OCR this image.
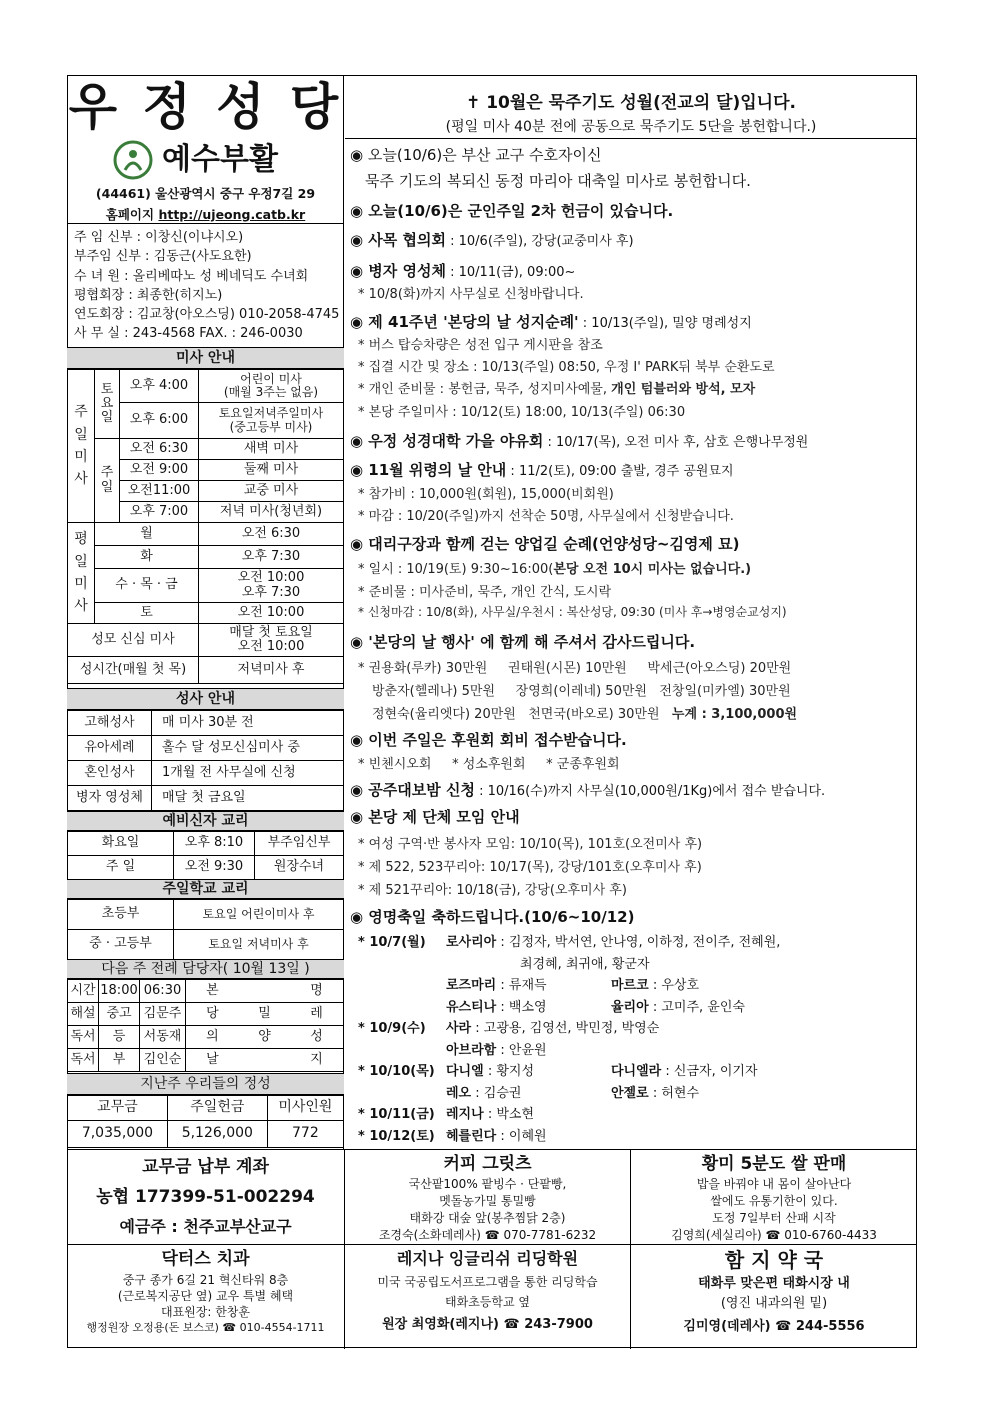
우 정 성 당
예수부활
(44461) 울산광역시 중구 우정7길 29
홈페이지 http://ujeong.catb.kr
주 임 신부 : 이창신(이냐시오)
부주임 신부 : 김동근(사도요한)
수 녀 원 : 올리베따노 성 베네딕도 수녀회
평협회장 : 최종한(히지노)
연도회장 : 김교창(아오스딩) 010-2058-4745
사 무 실 : 243-4568 FAX. : 246-0030
미사 안내
주일미사	토요일	오후 4:00	어린이 미사
(매월 3주는 없음)

		오후 6:00	토요일저녁주일미사
(중고등부 미사)

	주일	오전 6:30	새벽 미사
		오전 9:00	둘째 미사
		오전11:00	교중 미사
		오후 7:00	저녁 미사(청년회)
평일미사	월		오전 6:30
	화		오후 7:30
	수 · 목 · 금		오전 10:00
오후 7:30

	토		오전 10:00
성모 신심 미사			매달 첫 토요일
오전 10:00

성시간(매월 첫 목)			저녁미사 후
성사 안내
고해성사	매 미사 30분 전
유아세례	홀수 달 성모신심미사 중
혼인성사	1개월 전 사무실에 신청
병자 영성체	매달 첫 금요일
예비신자 교리
화요일	오후 8:10	부주임신부
주 일	오전 9:30	원장수녀
주일학교 교리
초등부	토요일 어린이미사 후
중 · 고등부	토요일 저녁미사 후
다음 주 전례 담당자( 10월 13일 )
시간	18:00	06:30	본		명
해설	중고	김문주	당	밀	레
독서	등	서동재	의	양	성
독서	부	김인순	날		지
지난주 우리들의 정성
교무금	주일헌금	미사인원
7,035,000	5,126,000	772
✝ 10월은 묵주기도 성월(전교의 달)입니다.
(평일 미사 40분 전에 공동으로 묵주기도 5단을 봉헌합니다.)
◉ 오늘(10/6)은 부산 교구 수호자이신
묵주 기도의 복되신 동정 마리아 대축일 미사로 봉헌합니다.
◉ 오늘(10/6)은 군인주일 2차 헌금이 있습니다.
◉ 사목 협의회 : 10/6(주일), 강당(교중미사 후)
◉ 병자 영성체 : 10/11(금), 09:00~
* 10/8(화)까지 사무실로 신청바랍니다.
◉ 제 41주년 '본당의 날 성지순례' : 10/13(주일), 밀양 명례성지
* 버스 탑승차량은 성전 입구 게시판을 참조
* 집결 시간 및 장소 : 10/13(주일) 08:50, 우정 I' PARK뒤 북부 순환도로
* 개인 준비물 : 봉헌금, 묵주, 성지미사예물, 개인 텀블러와 방석, 모자
* 본당 주일미사 : 10/12(토) 18:00, 10/13(주일) 06:30
◉ 우정 성경대학 가을 야유회 : 10/17(목), 오전 미사 후, 삼호 은행나무정원
◉ 11월 위령의 날 안내 : 11/2(토), 09:00 출발, 경주 공원묘지
* 참가비 : 10,000원(회원), 15,000(비회원)
* 마감 : 10/20(주일)까지 선착순 50명, 사무실에서 신청받습니다.
◉ 대리구장과 함께 걷는 양업길 순례(언양성당~김영제 묘)
* 일시 : 10/19(토) 9:30~16:00(본당 오전 10시 미사는 없습니다.)
* 준비물 : 미사준비, 묵주, 개인 간식, 도시락
* 신청마감 : 10/8(화), 사무실/우천시 : 복산성당, 09:30 (미사 후→병영순교성지)
◉ '본당의 날 행사' 에 함께 해 주셔서 감사드립니다.
* 권용화(루카) 30만원     권태원(시몬) 10만원     박세근(아오스딩) 20만원
방춘자(헬레나) 5만원     장영희(이레네) 50만원   전창일(미카엘) 30만원
정현숙(율리엣다) 20만원   천면국(바오로) 30만원   누계 : 3,100,000원
◉ 이번 주일은 후원회 회비 접수받습니다.
* 빈첸시오회     * 성소후원회     * 군종후원회
◉ 공주대보밤 신청 : 10/16(수)까지 사무실(10,000원/1Kg)에서 접수 받습니다.
◉ 본당 제 단체 모임 안내
* 여성 구역·반 봉사자 모임: 10/10(목), 101호(오전미사 후)
* 제 522, 523꾸리아: 10/17(목), 강당/101호(오후미사 후)
* 제 521꾸리아: 10/18(금), 강당(오후미사 후)
◉ 영명축일 축하드립니다.(10/6~10/12)
* 10/7(월) 로사리아 : 김정자, 박서연, 안나영, 이하정, 전이주, 전혜원,
최경혜, 최귀애, 황군자
로즈마리 : 류재득	마르코 : 우상호
유스티나 : 백소영	율리아 : 고미주, 윤인숙
* 10/9(수) 사라 : 고광용, 김영선, 박민정, 박영순
아브라함 : 안윤원
* 10/10(목) 다니엘 : 황지성	다니엘라 : 신금자, 이기자
레오 : 김승권	안젤로 : 허현수
* 10/11(금) 레지나 : 박소현
* 10/12(토) 헤를린다 : 이혜원
교무금 납부 계좌
농협 177399-51-002294
예금주 : 천주교부산교구
커피 그릿츠
국산팥100% 팥빙수 · 단팥빵,
멧돌농가밀 통밀빵
태화강 대숲 앞(봉추찜닭 2층)
조경숙(소화데레사) ☎ 070-7781-6232
황미 5분도 쌀 판매
밥을 바꿔야 내 몸이 살아난다
쌀에도 유통기한이 있다.
도정 7일부터 산패 시작
김영희(세실리아) ☎ 010-6760-4433
닥터스 치과
중구 종가 6길 21 혁신타워 8층
(근로복지공단 옆) 교우 특별 혜택
대표원장: 한창훈
행정원장 오정용(돈 보스코) ☎ 010-4554-1711
레지나 잉글리쉬 리딩학원
미국 국공립도서프로그램을 통한 리딩학습
태화초등학교 옆
원장 최영화(레지나) ☎ 243-7900
함 지 약 국
태화루 맞은편 태화시장 내
(영진 내과의원 밑)
김미영(데레사) ☎ 244-5556
